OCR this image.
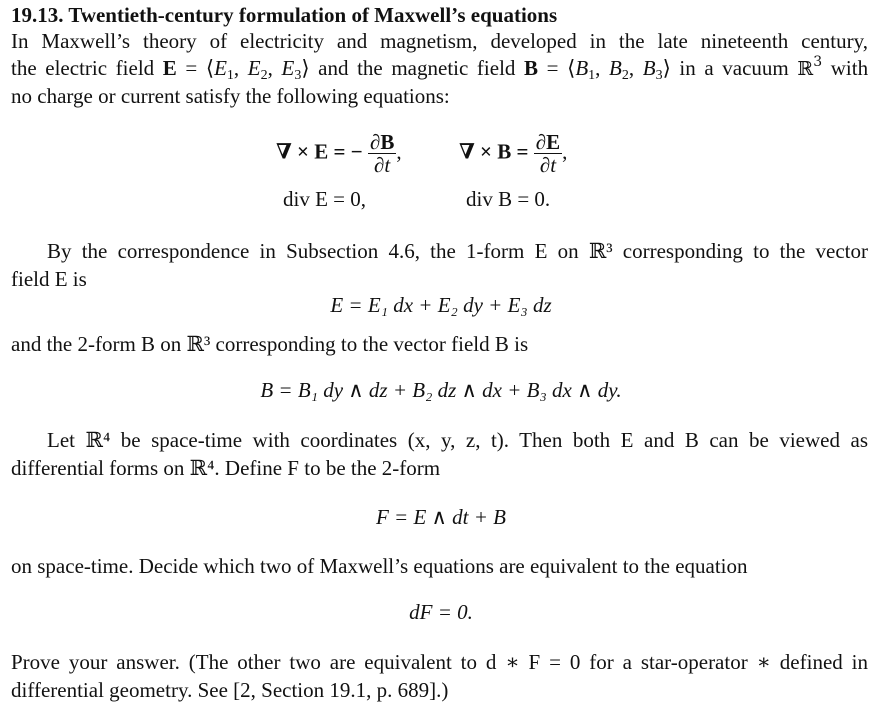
19.13. Twentieth-century formulation of Maxwell’s equations
In Maxwell’s theory of electricity and magnetism, developed in the late nineteenth century,
the electric field $E = ⟨E_1$, $E_2$, $E_3⟩$ and the magnetic field $B = ⟨B_1$, $B_2$, $B_3⟩$ in a vacuum ℝ$^3$ with
no charge or current satisfy the following equations:
∇ × E = − $\frac{\partial B}{\partial t}$ ,	∇ × $B = \frac{\partial E}{\partial t}$ ,
div E = 0,	div B = 0.
By the correspondence in Subsection 4.6, the 1-form E on ℝ³ corresponding to the vector
field E is
E = E₁ dx + E₂ dy + E₃ dz
and the 2-form B on ℝ³ corresponding to the vector field B is
B = B₁ dy ∧ dz + B₂ dz ∧ dx + B₃ dx ∧ dy.
Let ℝ⁴ be space-time with coordinates (x, y, z, t). Then both E and B can be viewed as
differential forms on ℝ⁴. Define F to be the 2-form
F = E ∧ dt + B
on space-time. Decide which two of Maxwell’s equations are equivalent to the equation
dF = 0.
Prove your answer. (The other two are equivalent to d ∗ F = 0 for a star-operator ∗ defined in
differential geometry. See [2, Section 19.1, p. 689].)
